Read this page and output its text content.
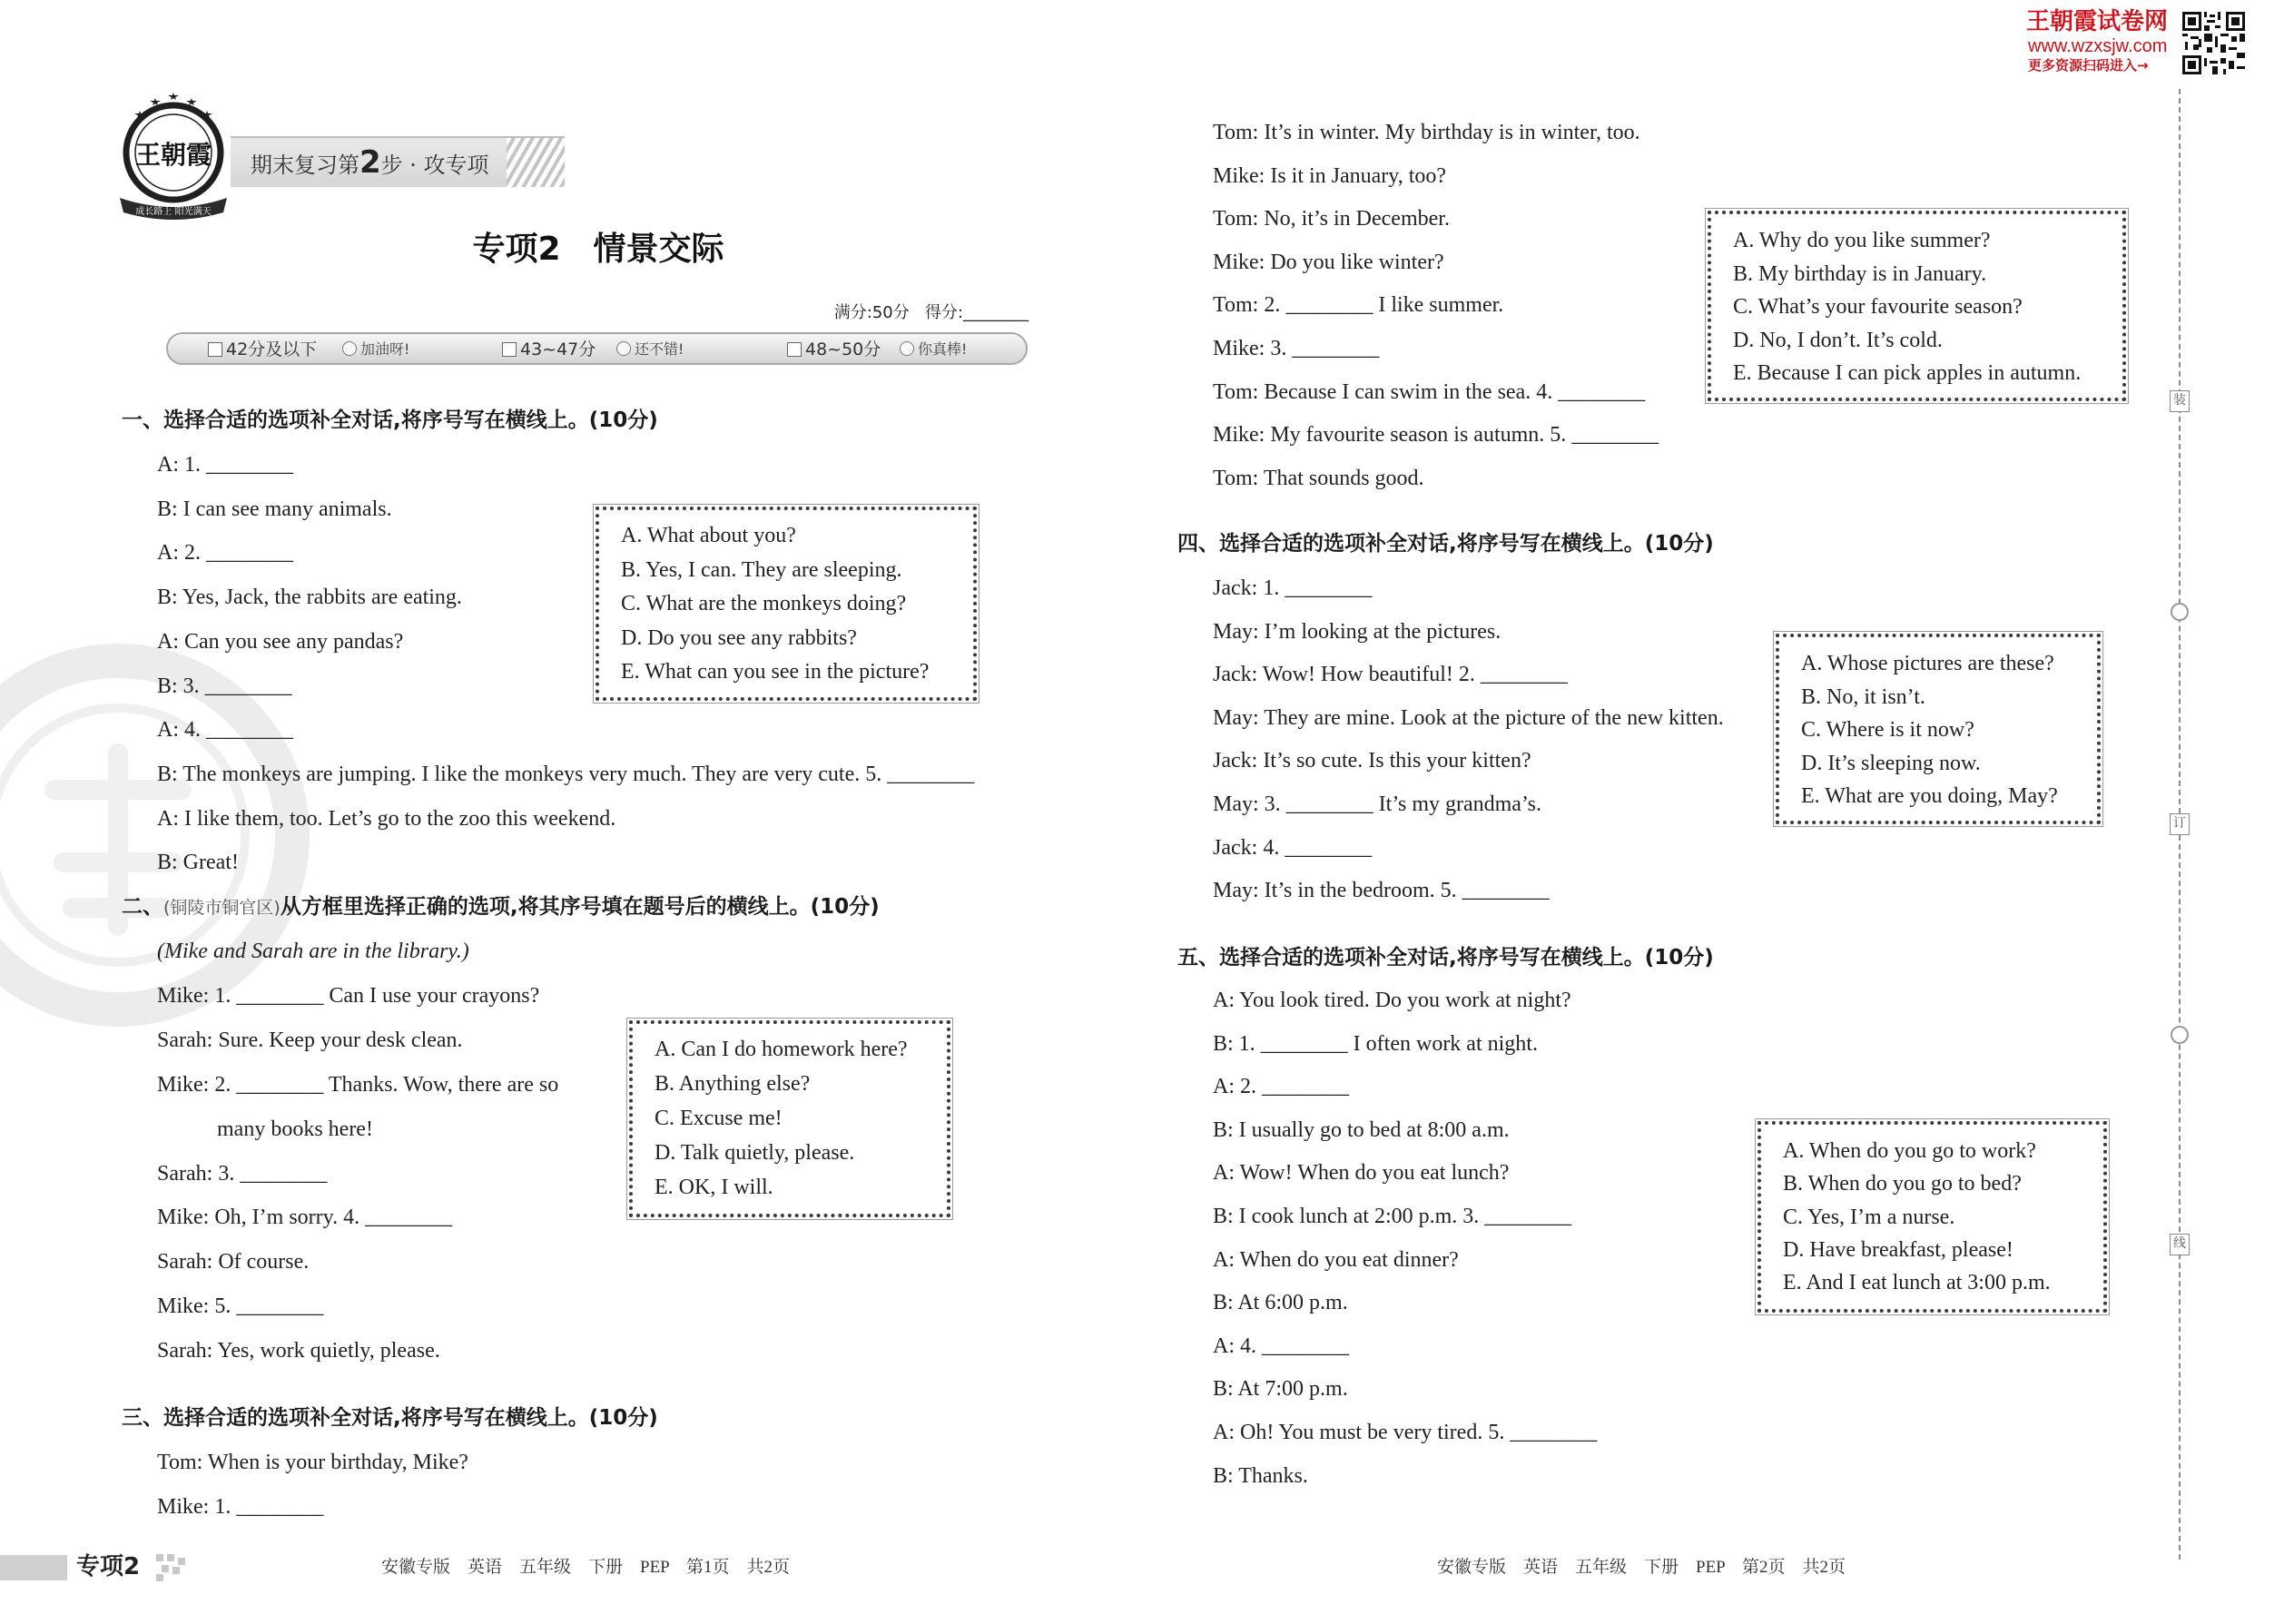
王朝霞
成长路上 阳光满天
期末复习第2步 · 攻专项
专项2　情景交际
满分:50分 得分:________
42分及以下	加油呀!	43~47分	还不错!	48~50分	你真棒!
王朝霞试卷网
www.wzxsjw.com
更多资源扫码进入→
装
订
线
一、选择合适的选项补全对话,将序号写在横线上。(10分)
A: 1. ________
B: I can see many animals.
A: 2. ________
B: Yes, Jack, the rabbits are eating.
A: Can you see any pandas?
B: 3. ________
A: 4. ________
B: The monkeys are jumping. I like the monkeys very much. They are very cute. 5. ________
A: I like them, too. Let’s go to the zoo this weekend.
B: Great!
A. What about you?
B. Yes, I can. They are sleeping.
C. What are the monkeys doing?
D. Do you see any rabbits?
E. What can you see in the picture?
二、(铜陵市铜官区)从方框里选择正确的选项,将其序号填在题号后的横线上。(10分)
(Mike and Sarah are in the library.)
Mike: 1. ________ Can I use your crayons?
Sarah: Sure. Keep your desk clean.
Mike: 2. ________ Thanks. Wow, there are so
many books here!
Sarah: 3. ________
Mike: Oh, I’m sorry. 4. ________
Sarah: Of course.
Mike: 5. ________
Sarah: Yes, work quietly, please.
A. Can I do homework here?
B. Anything else?
C. Excuse me!
D. Talk quietly, please.
E. OK, I will.
三、选择合适的选项补全对话,将序号写在横线上。(10分)
Tom: When is your birthday, Mike?
Mike: 1. ________
Tom: It’s in winter. My birthday is in winter, too.
Mike: Is it in January, too?
Tom: No, it’s in December.
Mike: Do you like winter?
Tom: 2. ________ I like summer.
Mike: 3. ________
Tom: Because I can swim in the sea. 4. ________
Mike: My favourite season is autumn. 5. ________
Tom: That sounds good.
A. Why do you like summer?
B. My birthday is in January.
C. What’s your favourite season?
D. No, I don’t. It’s cold.
E. Because I can pick apples in autumn.
四、选择合适的选项补全对话,将序号写在横线上。(10分)
Jack: 1. ________
May: I’m looking at the pictures.
Jack: Wow! How beautiful! 2. ________
May: They are mine. Look at the picture of the new kitten.
Jack: It’s so cute. Is this your kitten?
May: 3. ________ It’s my grandma’s.
Jack: 4. ________
May: It’s in the bedroom. 5. ________
A. Whose pictures are these?
B. No, it isn’t.
C. Where is it now?
D. It’s sleeping now.
E. What are you doing, May?
五、选择合适的选项补全对话,将序号写在横线上。(10分)
A: You look tired. Do you work at night?
B: 1. ________ I often work at night.
A: 2. ________
B: I usually go to bed at 8:00 a.m.
A: Wow! When do you eat lunch?
B: I cook lunch at 2:00 p.m. 3. ________
A: When do you eat dinner?
B: At 6:00 p.m.
A: 4. ________
B: At 7:00 p.m.
A: Oh! You must be very tired. 5. ________
B: Thanks.
A. When do you go to work?
B. When do you go to bed?
C. Yes, I’m a nurse.
D. Have breakfast, please!
E. And I eat lunch at 3:00 p.m.
专项2	安徽专版　英语　五年级　下册　PEP　第1页　共2页	安徽专版　英语　五年级　下册　PEP　第2页　共2页
